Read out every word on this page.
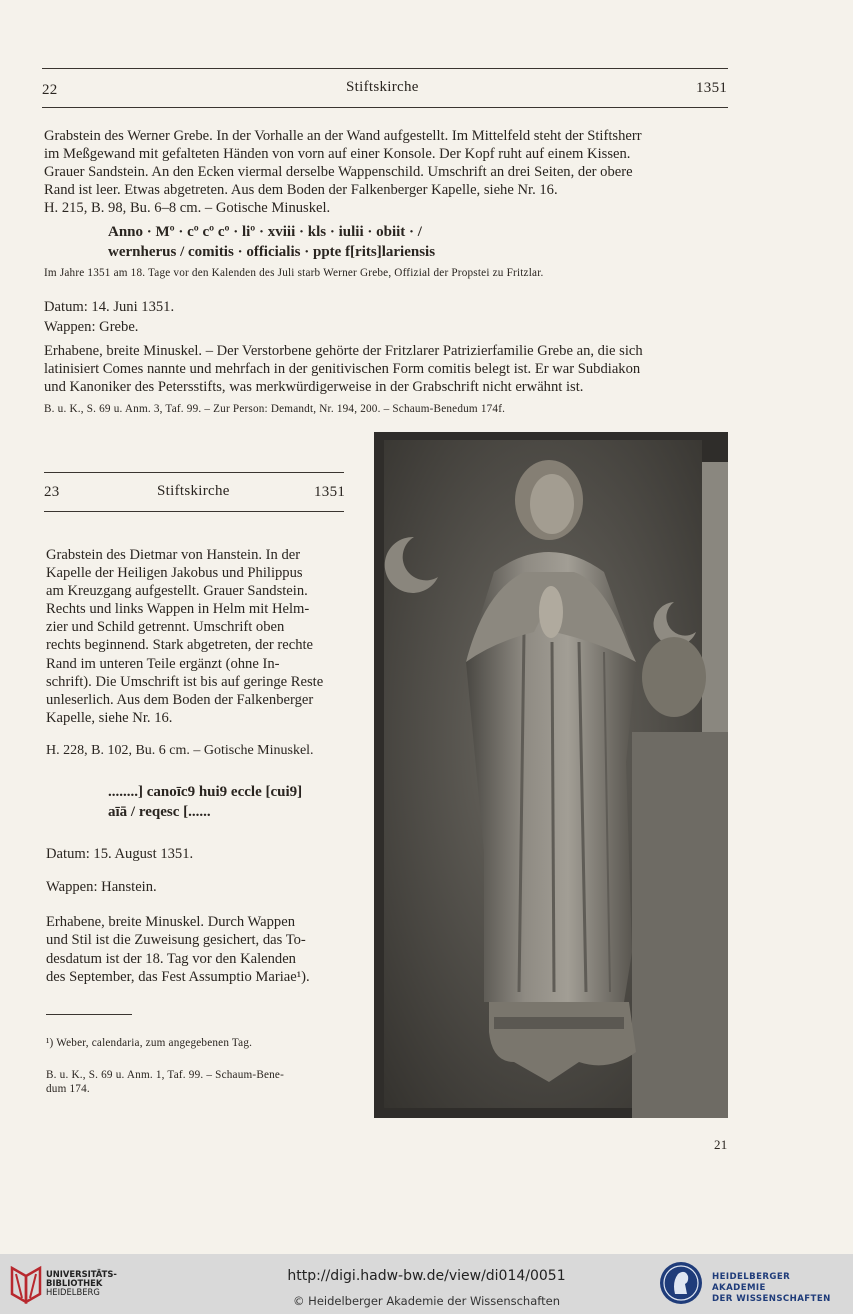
22	Stiftskirche	1351
Grabstein des Werner Grebe. In der Vorhalle an der Wand aufgestellt. Im Mittelfeld steht der Stiftsherr
im Meßgewand mit gefalteten Händen von vorn auf einer Konsole. Der Kopf ruht auf einem Kissen.
Grauer Sandstein. An den Ecken viermal derselbe Wappenschild. Umschrift an drei Seiten, der obere
Rand ist leer. Etwas abgetreten. Aus dem Boden der Falkenberger Kapelle, siehe Nr. 16.
H. 215, B. 98, Bu. 6–8 cm. – Gotische Minuskel.
Anno · Mº · cº cº cº · liº · xviii · kls · iulii · obiit · /
wernherus / comitis · officialis · ppte f[rits]lariensis
Im Jahre 1351 am 18. Tage vor den Kalenden des Juli starb Werner Grebe, Offizial der Propstei zu Fritzlar.
Datum: 14. Juni 1351.
Wappen: Grebe.
Erhabene, breite Minuskel. – Der Verstorbene gehörte der Fritzlarer Patrizierfamilie Grebe an, die sich
latinisiert Comes nannte und mehrfach in der genitivischen Form comitis belegt ist. Er war Subdiakon
und Kanoniker des Petersstifts, was merkwürdigerweise in der Grabschrift nicht erwähnt ist.
B. u. K., S. 69 u. Anm. 3, Taf. 99. – Zur Person: Demandt, Nr. 194, 200. – Schaum-Benedum 174f.
23	Stiftskirche	1351
Grabstein des Dietmar von Hanstein. In der
Kapelle der Heiligen Jakobus und Philippus
am Kreuzgang aufgestellt. Grauer Sandstein.
Rechts und links Wappen in Helm mit Helm-
zier und Schild getrennt. Umschrift oben
rechts beginnend. Stark abgetreten, der rechte
Rand im unteren Teile ergänzt (ohne In-
schrift). Die Umschrift ist bis auf geringe Reste
unleserlich. Aus dem Boden der Falkenberger
Kapelle, siehe Nr. 16.
H. 228, B. 102, Bu. 6 cm. – Gotische Minuskel.
........] canoīc9 hui9 eccle [cui9]
aīā / reqesc [......
Datum: 15. August 1351.
Wappen: Hanstein.
Erhabene, breite Minuskel. Durch Wappen
und Stil ist die Zuweisung gesichert, das To-
desdatum ist der 18. Tag vor den Kalenden
des September, das Fest Assumptio Mariae¹).
¹) Weber, calendaria, zum angegebenen Tag.
B. u. K., S. 69 u. Anm. 1, Taf. 99. – Schaum-Bene-
dum 174.
21
UNIVERSITÄTS-
BIBLIOTHEK
HEIDELBERG
http://digi.hadw-bw.de/view/di014/0051
© Heidelberger Akademie der Wissenschaften
HEIDELBERGER AKADEMIE
DER WISSENSCHAFTEN
